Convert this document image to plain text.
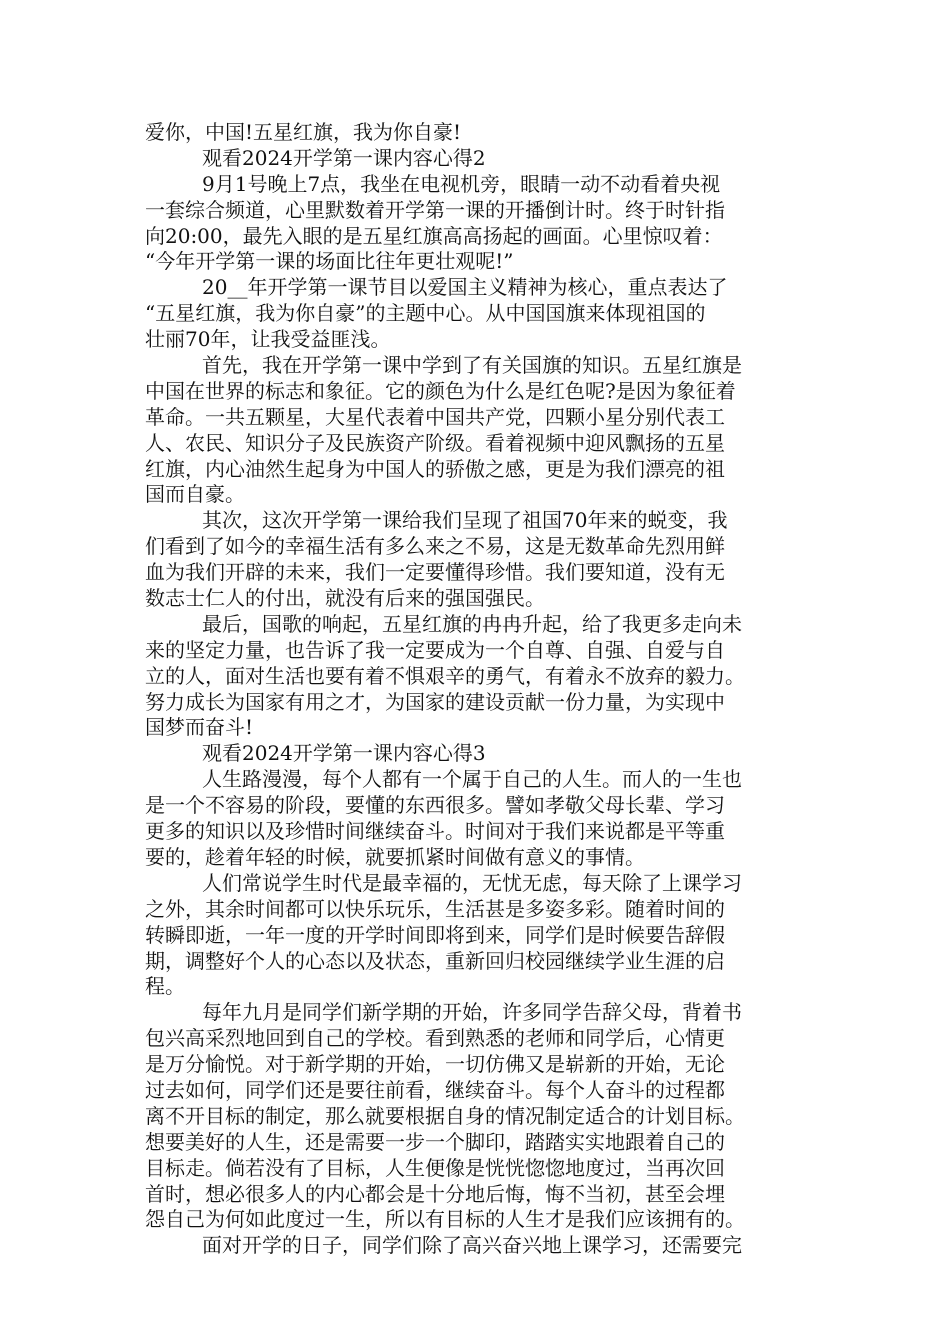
爱你，中国!五星红旗，我为你自豪!
观看2024开学第一课内容心得2
9月1号晚上7点，我坐在电视机旁，眼睛一动不动看着央视
一套综合频道，心里默数着开学第一课的开播倒计时。终于时针指
向20:00，最先入眼的是五星红旗高高扬起的画面。心里惊叹着：
“今年开学第一课的场面比往年更壮观呢!”
20__年开学第一课节目以爱国主义精神为核心，重点表达了
“五星红旗，我为你自豪”的主题中心。从中国国旗来体现祖国的
壮丽70年，让我受益匪浅。
首先，我在开学第一课中学到了有关国旗的知识。五星红旗是
中国在世界的标志和象征。它的颜色为什么是红色呢?是因为象征着
革命。一共五颗星，大星代表着中国共产党，四颗小星分别代表工
人、农民、知识分子及民族资产阶级。看着视频中迎风飘扬的五星
红旗，内心油然生起身为中国人的骄傲之感，更是为我们漂亮的祖
国而自豪。
其次，这次开学第一课给我们呈现了祖国70年来的蜕变，我
们看到了如今的幸福生活有多么来之不易，这是无数革命先烈用鲜
血为我们开辟的未来，我们一定要懂得珍惜。我们要知道，没有无
数志士仁人的付出，就没有后来的强国强民。
最后，国歌的响起，五星红旗的冉冉升起，给了我更多走向未
来的坚定力量，也告诉了我一定要成为一个自尊、自强、自爱与自
立的人，面对生活也要有着不惧艰辛的勇气，有着永不放弃的毅力。
努力成长为国家有用之才，为国家的建设贡献一份力量，为实现中
国梦而奋斗!
观看2024开学第一课内容心得3
人生路漫漫，每个人都有一个属于自己的人生。而人的一生也
是一个不容易的阶段，要懂的东西很多。譬如孝敬父母长辈、学习
更多的知识以及珍惜时间继续奋斗。时间对于我们来说都是平等重
要的，趁着年轻的时候，就要抓紧时间做有意义的事情。
人们常说学生时代是最幸福的，无忧无虑，每天除了上课学习
之外，其余时间都可以快乐玩乐，生活甚是多姿多彩。随着时间的
转瞬即逝，一年一度的开学时间即将到来，同学们是时候要告辞假
期，调整好个人的心态以及状态，重新回归校园继续学业生涯的启
程。
每年九月是同学们新学期的开始，许多同学告辞父母，背着书
包兴高采烈地回到自己的学校。看到熟悉的老师和同学后，心情更
是万分愉悦。对于新学期的开始，一切仿佛又是崭新的开始，无论
过去如何，同学们还是要往前看，继续奋斗。每个人奋斗的过程都
离不开目标的制定，那么就要根据自身的情况制定适合的计划目标。
想要美好的人生，还是需要一步一个脚印，踏踏实实地跟着自己的
目标走。倘若没有了目标，人生便像是恍恍惚惚地度过，当再次回
首时，想必很多人的内心都会是十分地后悔，悔不当初，甚至会埋
怨自己为何如此度过一生，所以有目标的人生才是我们应该拥有的。
面对开学的日子，同学们除了高兴奋兴地上课学习，还需要完
